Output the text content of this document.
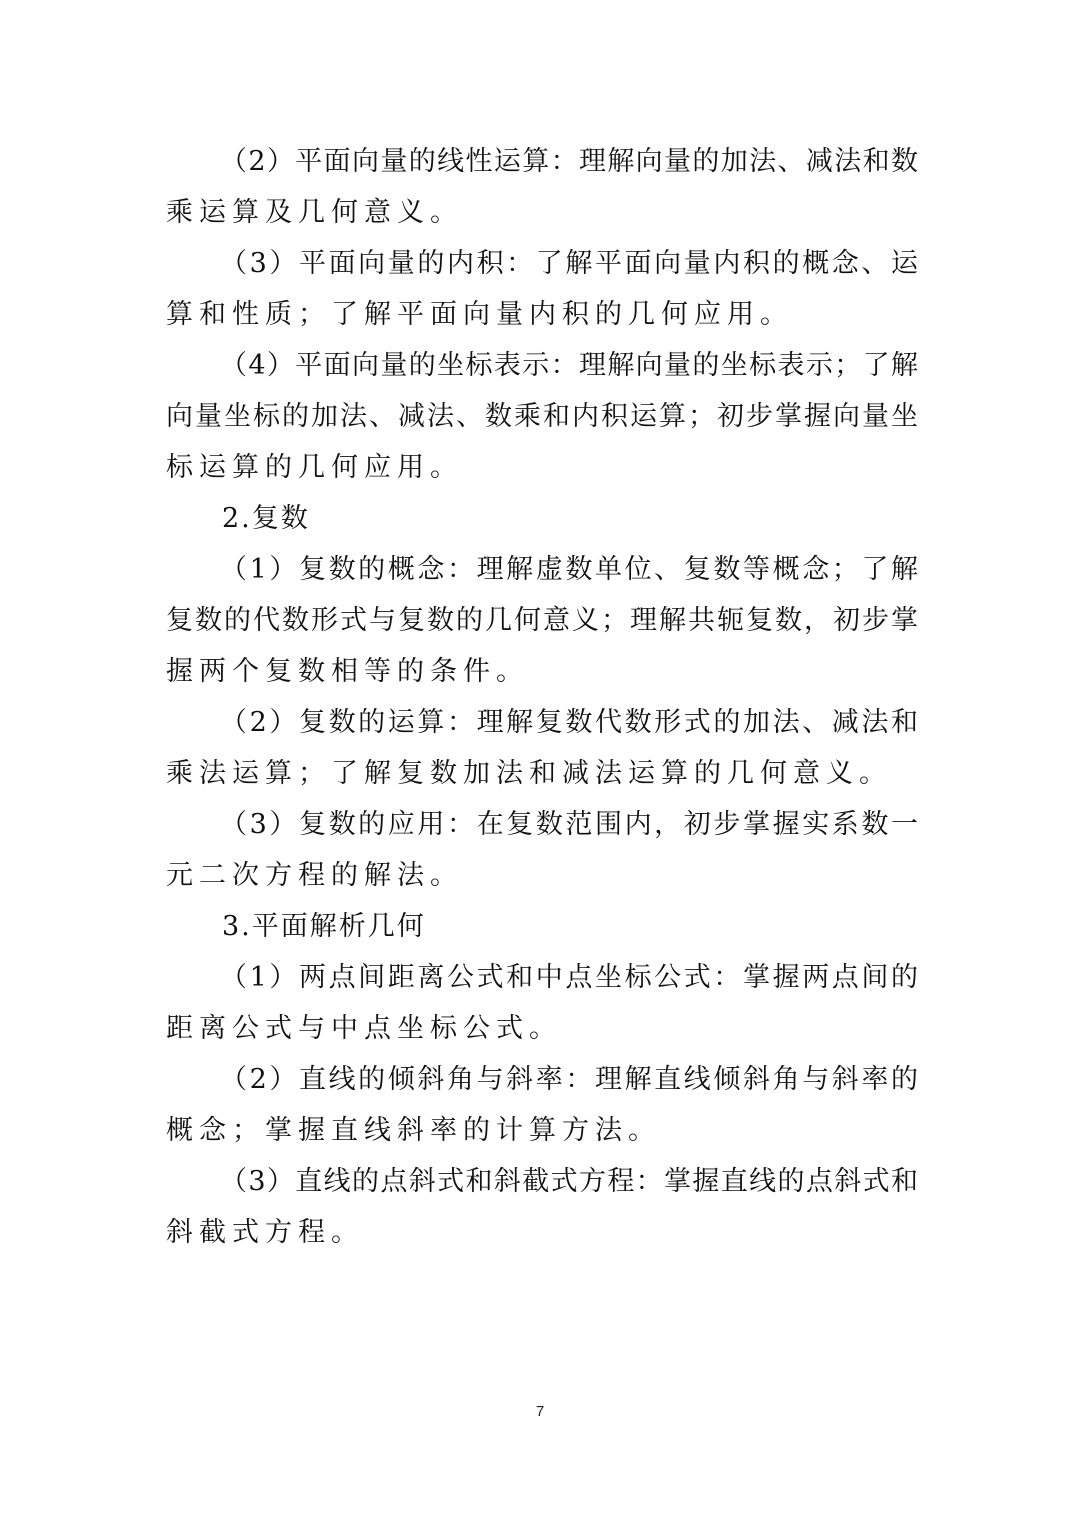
（2）平面向量的线性运算：理解向量的加法、减法和数
乘运算及几何意义。
（3）平面向量的内积：了解平面向量内积的概念、运
算和性质；了解平面向量内积的几何应用。
（4）平面向量的坐标表示：理解向量的坐标表示；了解
向量坐标的加法、减法、数乘和内积运算；初步掌握向量坐
标运算的几何应用。
2.复数
（1）复数的概念：理解虚数单位、复数等概念；了解
复数的代数形式与复数的几何意义；理解共轭复数，初步掌
握两个复数相等的条件。
（2）复数的运算：理解复数代数形式的加法、减法和
乘法运算；了解复数加法和减法运算的几何意义。
（3）复数的应用：在复数范围内，初步掌握实系数一
元二次方程的解法。
3.平面解析几何
（1）两点间距离公式和中点坐标公式：掌握两点间的
距离公式与中点坐标公式。
（2）直线的倾斜角与斜率：理解直线倾斜角与斜率的
概念；掌握直线斜率的计算方法。
（3）直线的点斜式和斜截式方程：掌握直线的点斜式和
斜截式方程。
7
